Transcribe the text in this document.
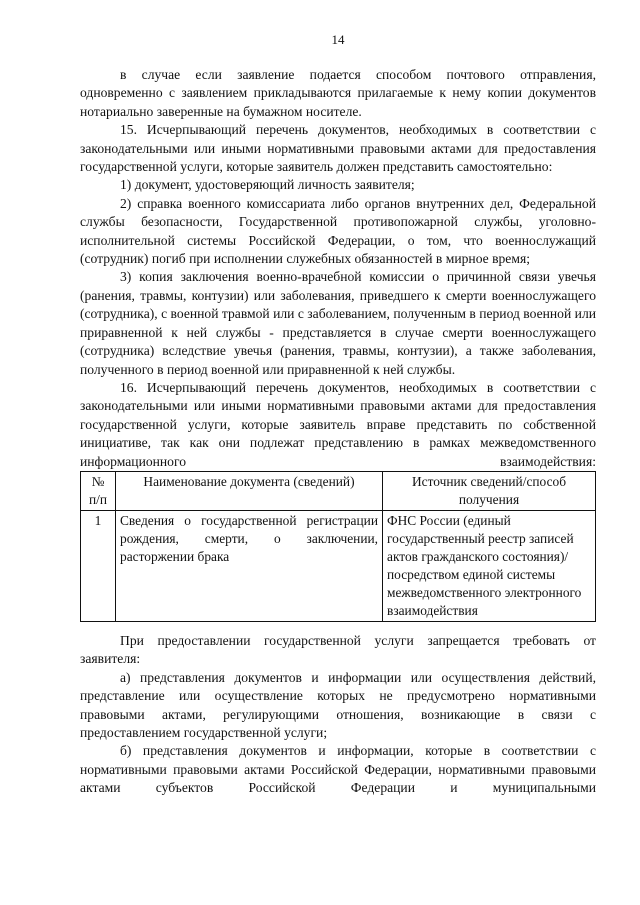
14

в случае если заявление подается способом почтового отправления, одновременно с заявлением прикладываются прилагаемые к нему копии документов нотариально заверенные на бумажном носителе.

15. Исчерпывающий перечень документов, необходимых в соответствии с законодательными или иными нормативными правовыми актами для предоставления государственной услуги, которые заявитель должен представить самостоятельно:

1) документ, удостоверяющий личность заявителя;

2) справка военного комиссариата либо органов внутренних дел, Федеральной службы безопасности, Государственной противопожарной службы, уголовно-исполнительной системы Российской Федерации, о том, что военнослужащий (сотрудник) погиб при исполнении служебных обязанностей в мирное время;

3) копия заключения военно-врачебной комиссии о причинной связи увечья (ранения, травмы, контузии) или заболевания, приведшего к смерти военнослужащего (сотрудника), с военной травмой или с заболеванием, полученным в период военной или приравненной к ней службы - представляется в случае смерти военнослужащего (сотрудника) вследствие увечья (ранения, травмы, контузии), а также заболевания, полученного в период военной или приравненной к ней службы.

16. Исчерпывающий перечень документов, необходимых в соответствии с законодательными или иными нормативными правовыми актами для предоставления государственной услуги, которые заявитель вправе представить по собственной инициативе, так как они подлежат представлению в рамках межведомственного информационного взаимодействия:

№ п/п	Наименование документа (сведений)	Источник сведений/способ получения
1	Сведения о государственной регистрации рождения, смерти, о заключении, расторжении брака	ФНС России (единый государственный реестр записей актов гражданского состояния)/посредством единой системы межведомственного электронного взаимодействия

При предоставлении государственной услуги запрещается требовать от заявителя:

а) представления документов и информации или осуществления действий, представление или осуществление которых не предусмотрено нормативными правовыми актами, регулирующими отношения, возникающие в связи с предоставлением государственной услуги;

б) представления документов и информации, которые в соответствии с нормативными правовыми актами Российской Федерации, нормативными правовыми актами субъектов Российской Федерации и муниципальными
